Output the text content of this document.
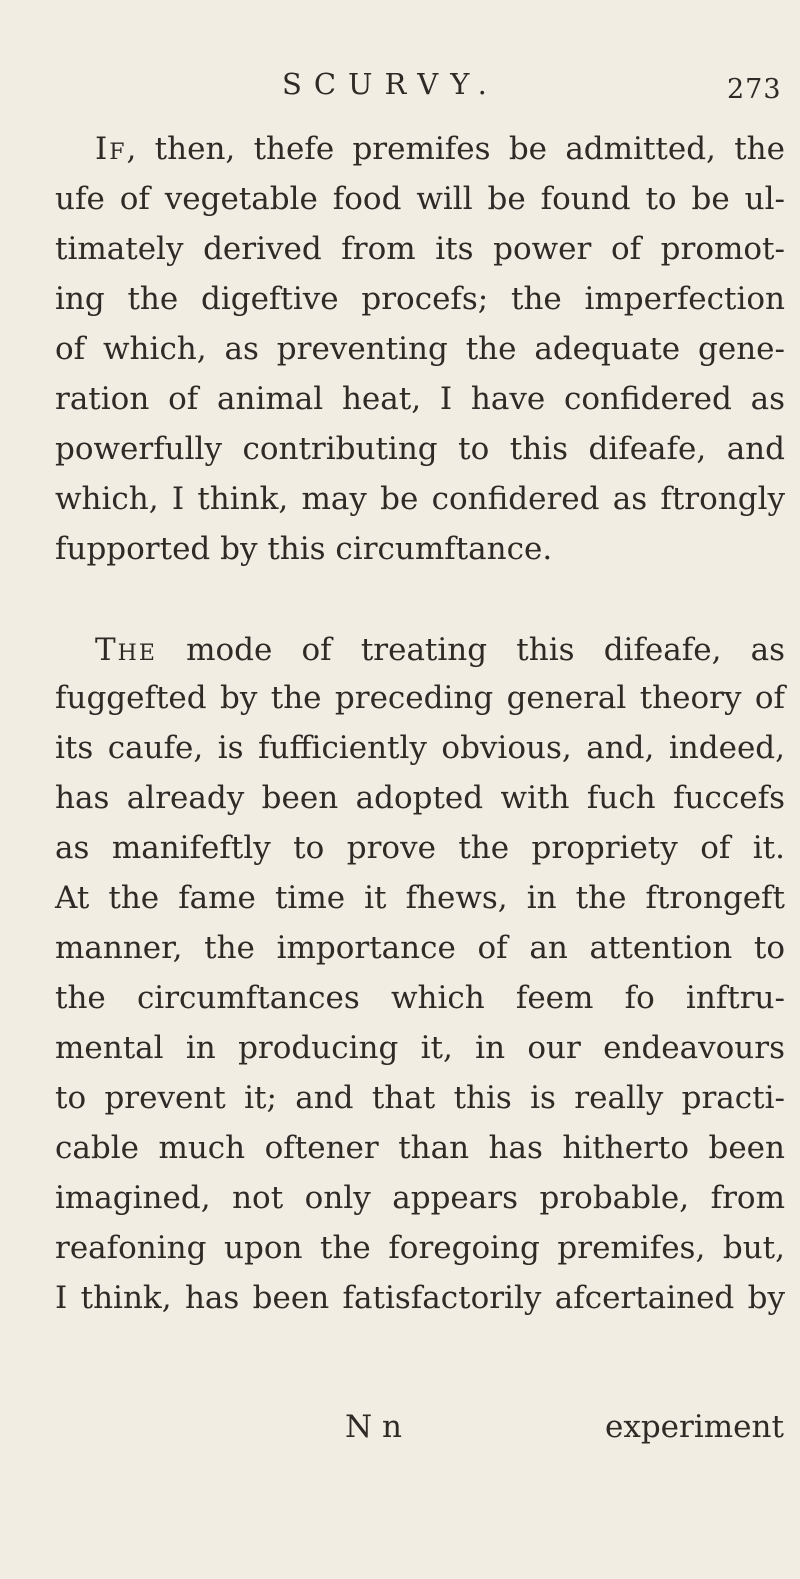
SCURVY.	273
If, then, thefe premifes be admitted, the
ufe of vegetable food will be found to be ul-
timately derived from its power of promot-
ing the digeftive procefs; the imperfection
of which, as preventing the adequate gene-
ration of animal heat, I have confidered as
powerfully contributing to this difeafe, and
which, I think, may be confidered as ftrongly
fupported by this circumftance.
The mode of treating this difeafe, as
fuggefted by the preceding general theory of
its caufe, is fufficiently obvious, and, indeed,
has already been adopted with fuch fuccefs
as manifeftly to prove the propriety of it.
At the fame time it fhews, in the ftrongeft
manner, the importance of an attention to
the circumftances which feem fo inftru-
mental in producing it, in our endeavours
to prevent it; and that this is really practi-
cable much oftener than has hitherto been
imagined, not only appears probable, from
reafoning upon the foregoing premifes, but,
I think, has been fatisfactorily afcertained by
N n	experiment
